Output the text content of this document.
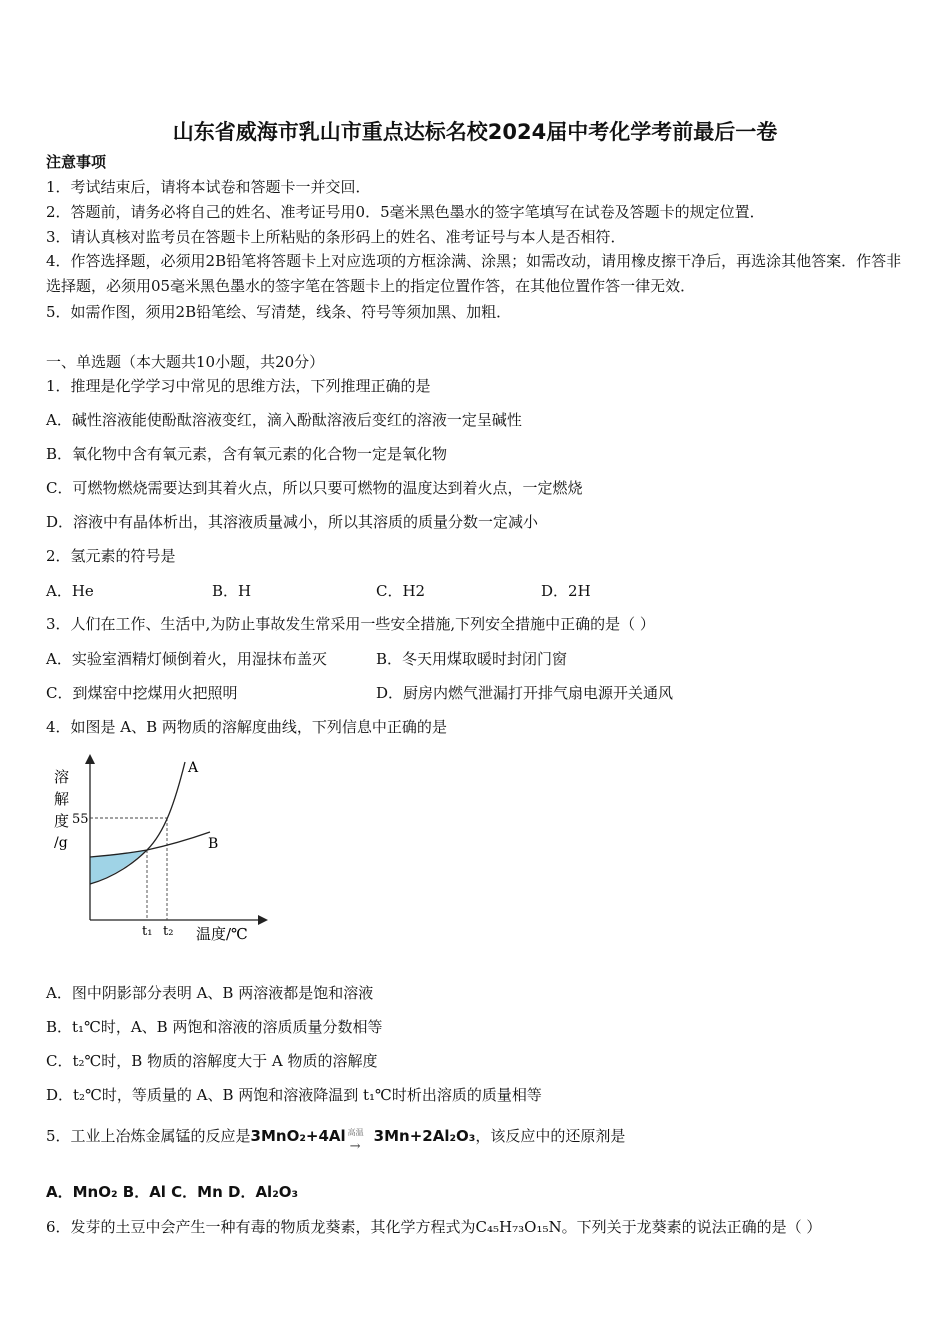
山东省威海市乳山市重点达标名校2024届中考化学考前最后一卷
注意事项
1．考试结束后，请将本试卷和答题卡一并交回．
2．答题前，请务必将自己的姓名、准考证号用0．5毫米黑色墨水的签字笔填写在试卷及答题卡的规定位置．
3．请认真核对监考员在答题卡上所粘贴的条形码上的姓名、准考证号与本人是否相符．
4．作答选择题，必须用2B铅笔将答题卡上对应选项的方框涂满、涂黑；如需改动，请用橡皮擦干净后，再选涂其他答案．作答非选择题，必须用05毫米黑色墨水的签字笔在答题卡上的指定位置作答，在其他位置作答一律无效．
5．如需作图，须用2B铅笔绘、写清楚，线条、符号等须加黑、加粗．
一、单选题（本大题共10小题，共20分）
1．推理是化学学习中常见的思维方法，下列推理正确的是
A．碱性溶液能使酚酞溶液变红，滴入酚酞溶液后变红的溶液一定呈碱性
B．氧化物中含有氧元素，含有氧元素的化合物一定是氧化物
C．可燃物燃烧需要达到其着火点，所以只要可燃物的温度达到着火点，一定燃烧
D．溶液中有晶体析出，其溶液质量减小，所以其溶质的质量分数一定减小
2．氢元素的符号是
A．He	B．H	C．H2	D．2H
3．人们在工作、生活中,为防止事故发生常采用一些安全措施,下列安全措施中正确的是（ ）
A．实验室酒精灯倾倒着火，用湿抹布盖灭	B．冬天用煤取暖时封闭门窗
C．到煤窑中挖煤用火把照明	D．厨房内燃气泄漏打开排气扇电源开关通风
4．如图是 A、B 两物质的溶解度曲线，下列信息中正确的是
溶
解
度
/g
55
A
B
t₁ t₂ 温度/℃
A．图中阴影部分表明 A、B 两溶液都是饱和溶液
B．t₁℃时，A、B 两饱和溶液的溶质质量分数相等
C．t₂℃时，B 物质的溶解度大于 A 物质的溶解度
D．t₂℃时，等质量的 A、B 两饱和溶液降温到 t₁℃时析出溶质的质量相等
5．工业上冶炼金属锰的反应是3MnO₂+4Al 高温
→
3Mn+2Al₂O₃，该反应中的还原剂是
A．MnO₂ B．Al C．Mn D．Al₂O₃
6．发芽的土豆中会产生一种有毒的物质龙葵素，其化学方程式为C₄₅H₇₃O₁₅N。下列关于龙葵素的说法正确的是（ ）
